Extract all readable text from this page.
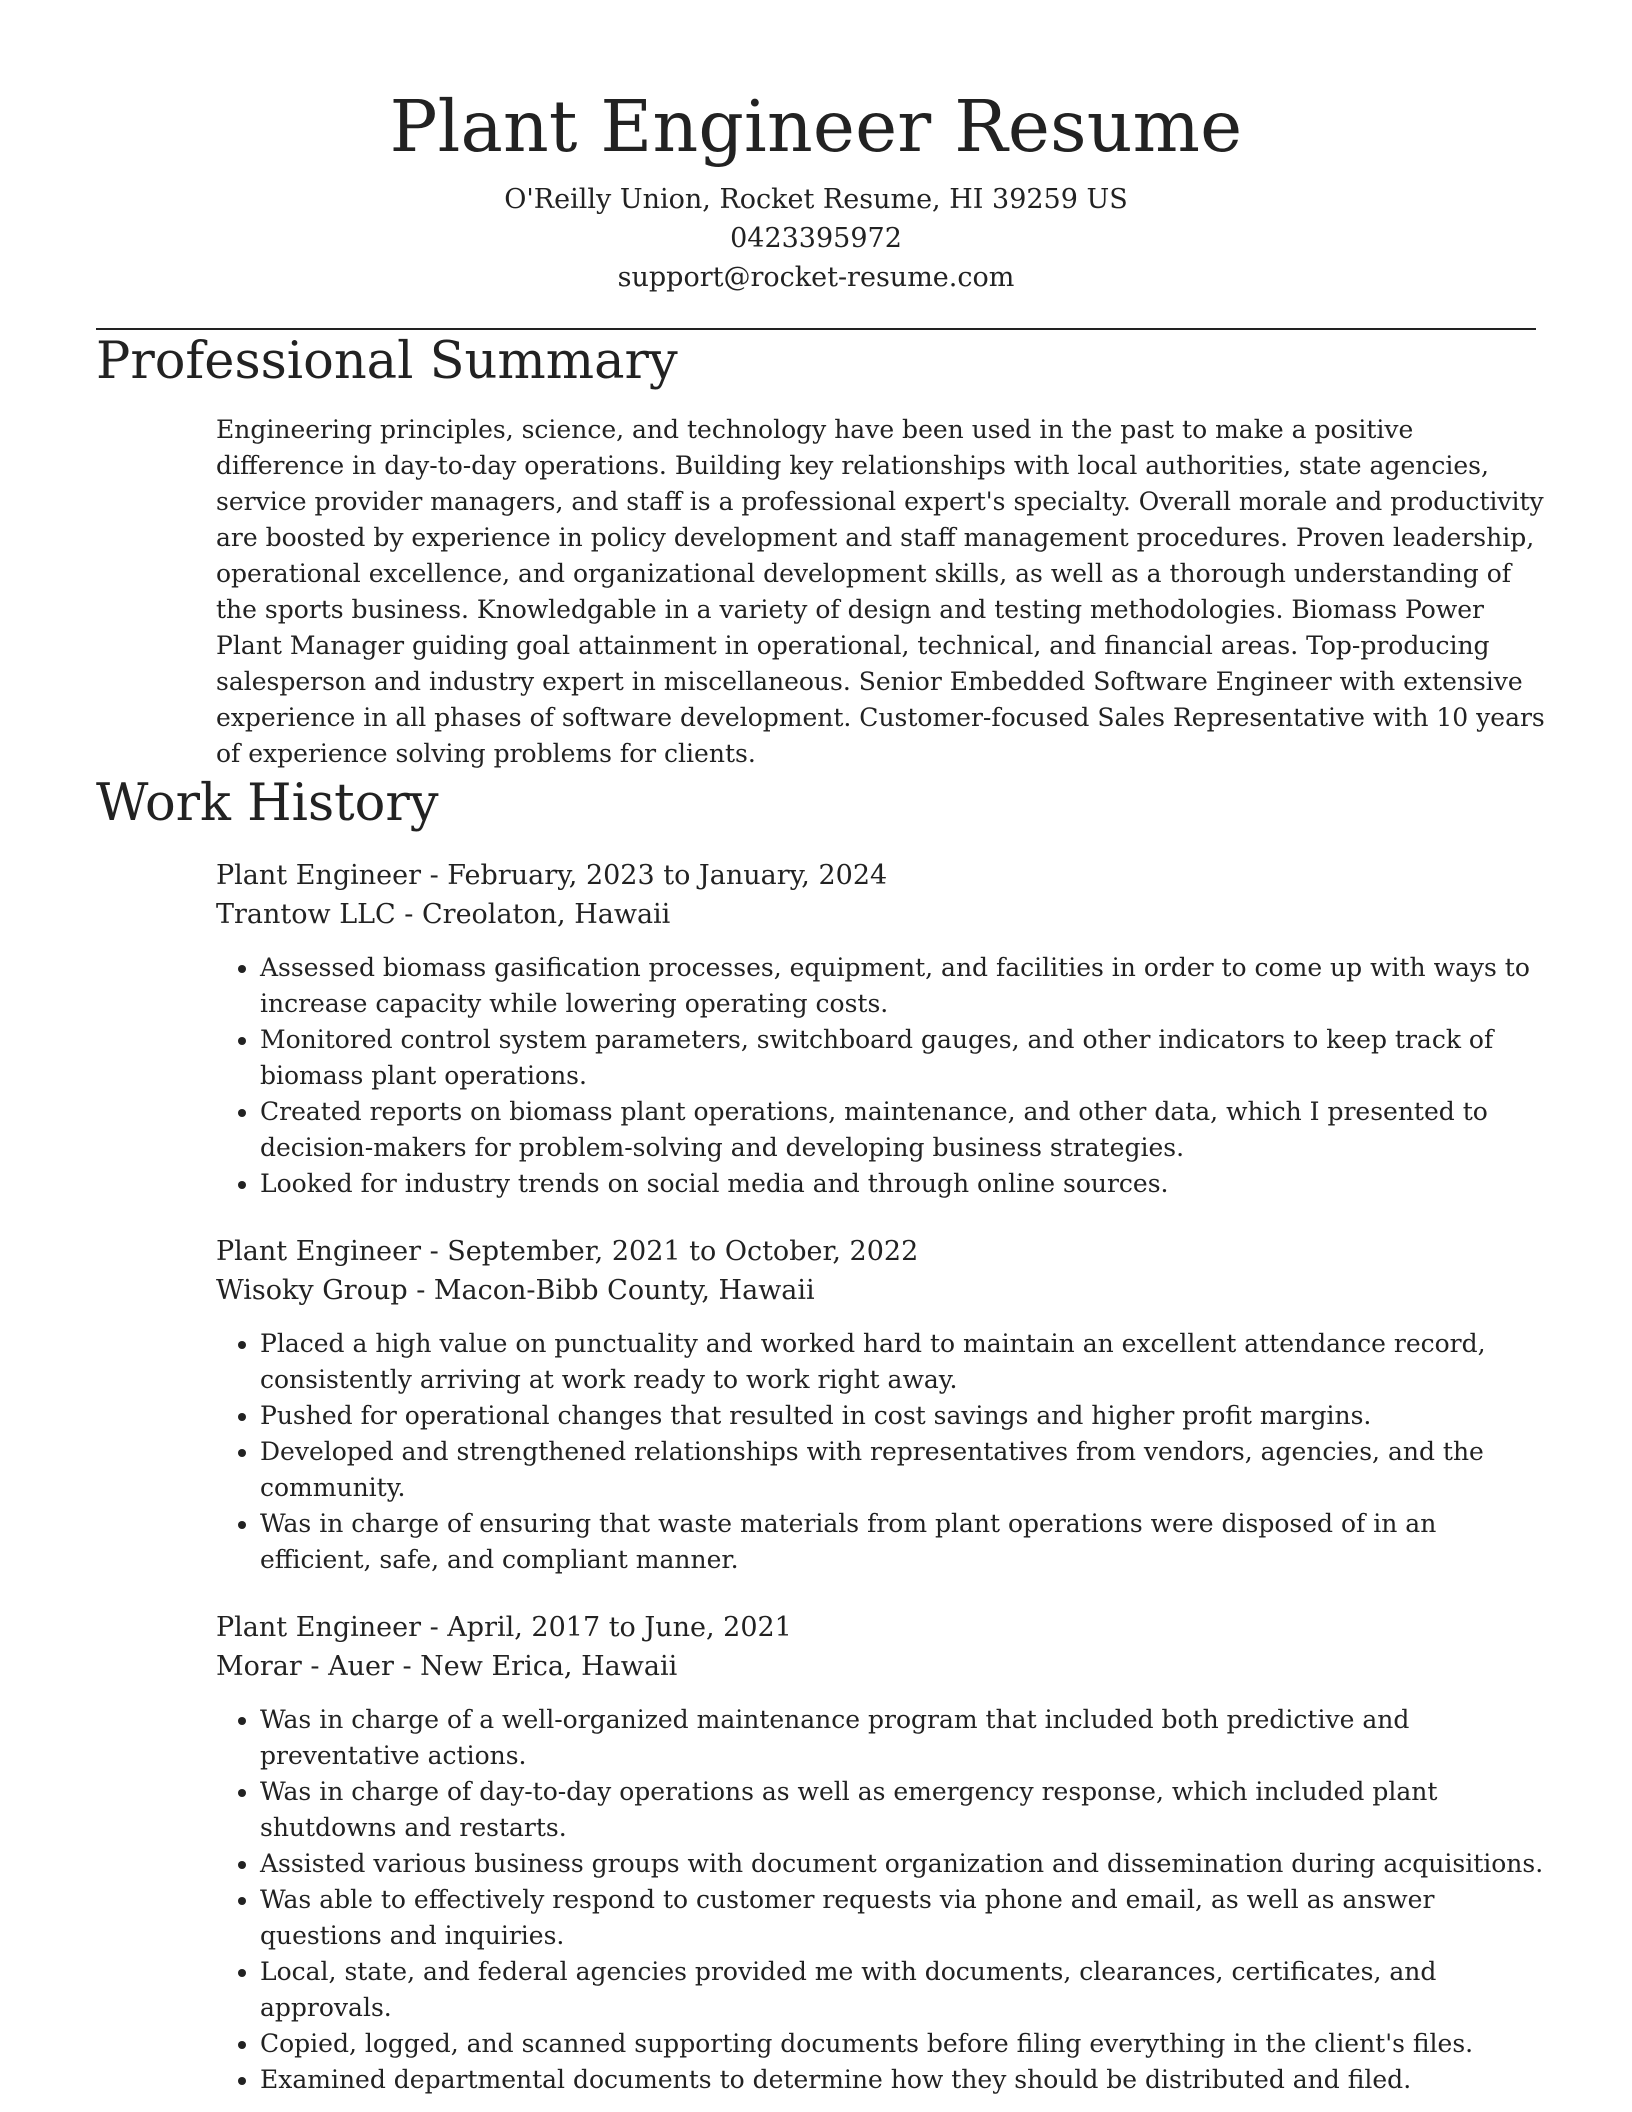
Plant Engineer Resume
O'Reilly Union, Rocket Resume, HI 39259 US
0423395972
support@rocket-resume.com
Professional Summary

Engineering principles, science, and technology have been used in the past to make a positive difference in day-to-day operations. Building key relationships with local authorities, state agencies, service provider managers, and staff is a professional expert's specialty. Overall morale and productivity are boosted by experience in policy development and staff management procedures. Proven leadership, operational excellence, and organizational development skills, as well as a thorough understanding of the sports business. Knowledgable in a variety of design and testing methodologies. Biomass Power Plant Manager guiding goal attainment in operational, technical, and financial areas. Top-producing salesperson and industry expert in miscellaneous. Senior Embedded Software Engineer with extensive experience in all phases of software development. Customer-focused Sales Representative with 10 years of experience solving problems for clients.

Work History
Plant Engineer - February, 2023 to January, 2024
Trantow LLC - Creolaton, Hawaii
• Assessed biomass gasification processes, equipment, and facilities in order to come up with ways to increase capacity while lowering operating costs.
• Monitored control system parameters, switchboard gauges, and other indicators to keep track of biomass plant operations.
• Created reports on biomass plant operations, maintenance, and other data, which I presented to decision-makers for problem-solving and developing business strategies.
• Looked for industry trends on social media and through online sources.
Plant Engineer - September, 2021 to October, 2022
Wisoky Group - Macon-Bibb County, Hawaii
• Placed a high value on punctuality and worked hard to maintain an excellent attendance record, consistently arriving at work ready to work right away.
• Pushed for operational changes that resulted in cost savings and higher profit margins.
• Developed and strengthened relationships with representatives from vendors, agencies, and the community.
• Was in charge of ensuring that waste materials from plant operations were disposed of in an efficient, safe, and compliant manner.
Plant Engineer - April, 2017 to June, 2021
Morar - Auer - New Erica, Hawaii
• Was in charge of a well-organized maintenance program that included both predictive and preventative actions.
• Was in charge of day-to-day operations as well as emergency response, which included plant shutdowns and restarts.
• Assisted various business groups with document organization and dissemination during acquisitions.
• Was able to effectively respond to customer requests via phone and email, as well as answer questions and inquiries.
• Local, state, and federal agencies provided me with documents, clearances, certificates, and approvals.
• Copied, logged, and scanned supporting documents before filing everything in the client's files.
• Examined departmental documents to determine how they should be distributed and filed.
